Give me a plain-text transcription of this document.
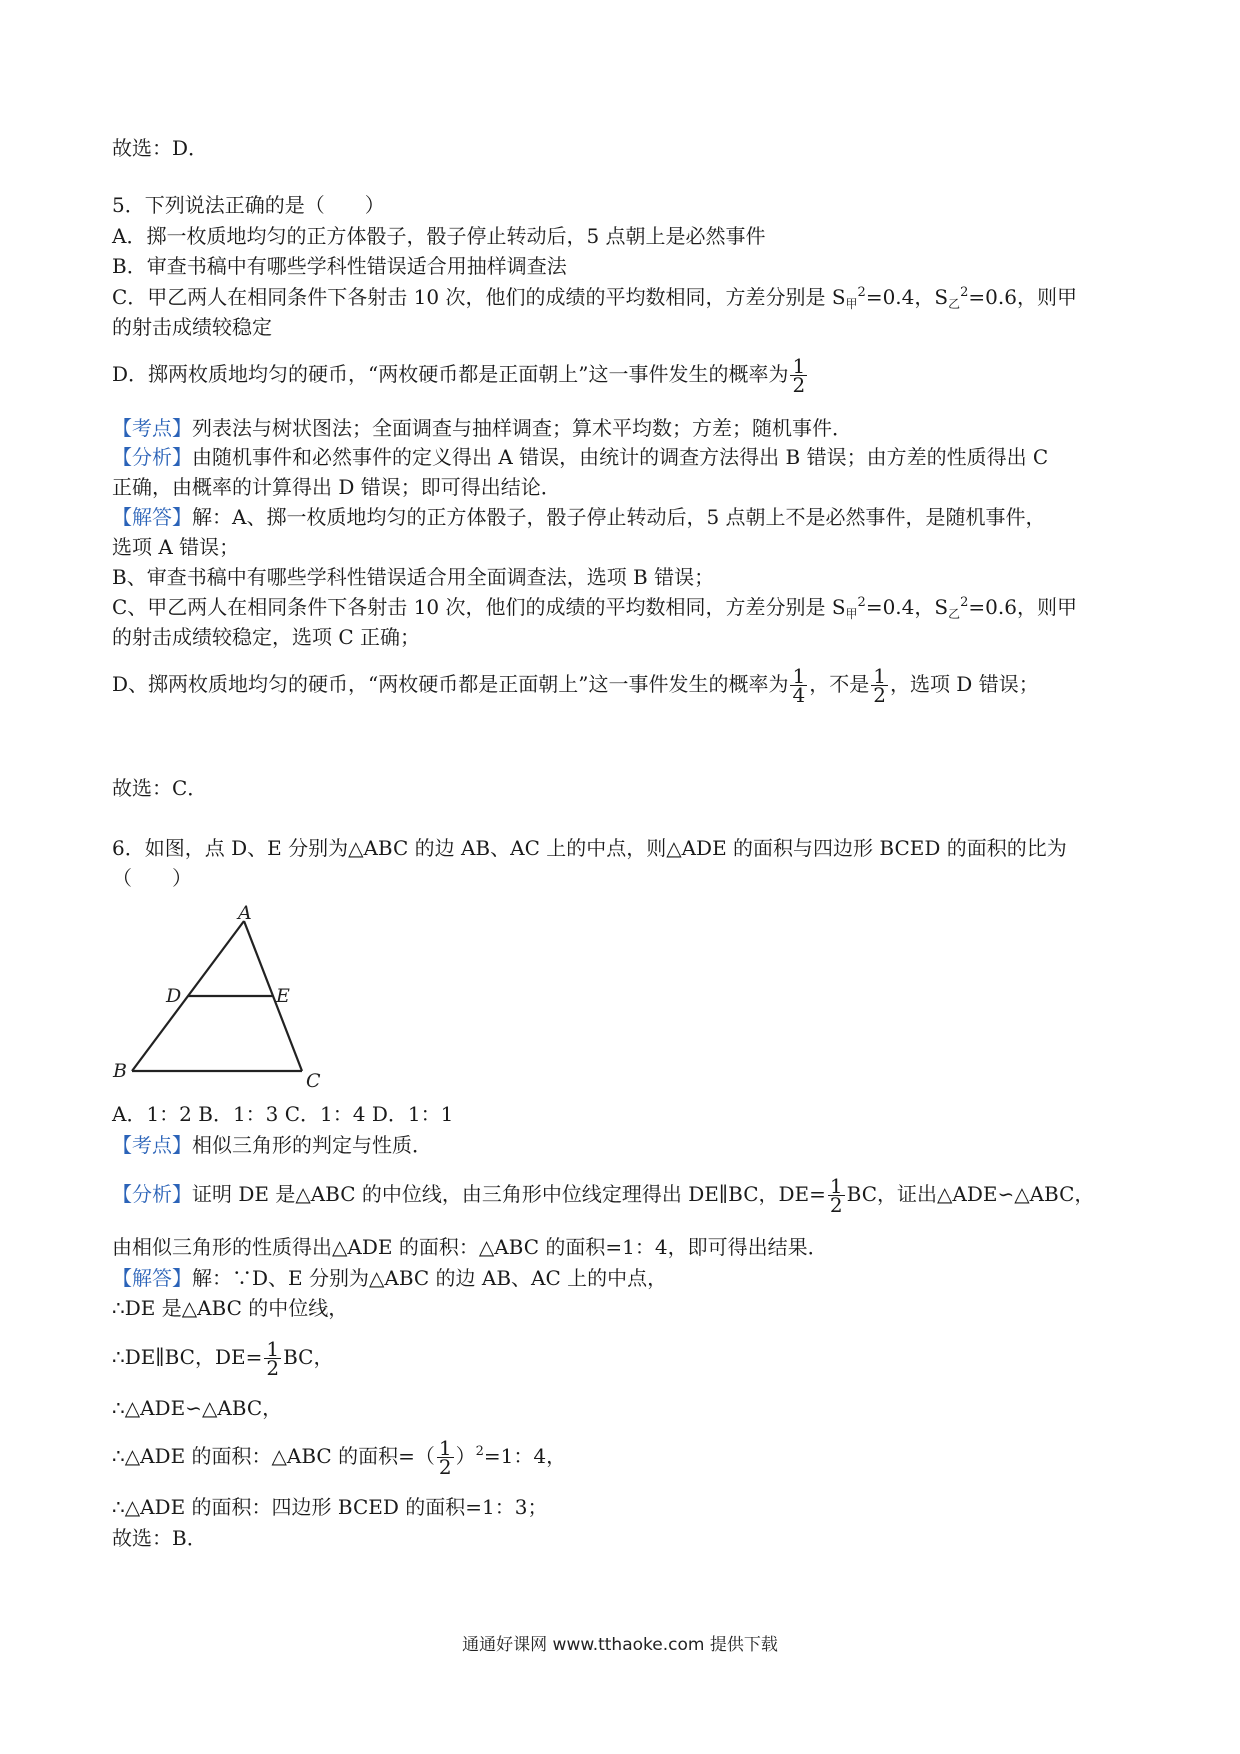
故选：D．
5．下列说法正确的是（　　）
A．掷一枚质地均匀的正方体骰子，骰子停止转动后，5 点朝上是必然事件
B．审查书稿中有哪些学科性错误适合用抽样调查法
C．甲乙两人在相同条件下各射击 10 次，他们的成绩的平均数相同，方差分别是 $S_甲^2=0.4$，$S_乙^2=0.6$，则甲
的射击成绩较稳定
D．掷两枚质地均匀的硬币，“两枚硬币都是正面朝上”这一事件发生的概率为 $\frac{1}{2}$
【考点】列表法与树状图法；全面调查与抽样调查；算术平均数；方差；随机事件．
【分析】由随机事件和必然事件的定义得出 A 错误，由统计的调查方法得出 B 错误；由方差的性质得出 C
正确，由概率的计算得出 D 错误；即可得出结论．
【解答】解：A、掷一枚质地均匀的正方体骰子，骰子停止转动后，5 点朝上不是必然事件，是随机事件，
选项 A 错误；
B、审查书稿中有哪些学科性错误适合用全面调查法，选项 B 错误；
C、甲乙两人在相同条件下各射击 10 次，他们的成绩的平均数相同，方差分别是 $S_甲^2=0.4$，$S_乙^2=0.6$，则甲
的射击成绩较稳定，选项 C 正确；
D、掷两枚质地均匀的硬币，“两枚硬币都是正面朝上”这一事件发生的概率为 $\frac{1}{4}$ ，不是 $\frac{1}{2}$ ，选项 D 错误；
故选：C．
6．如图，点 D、E 分别为△ABC 的边 AB、AC 上的中点，则△ADE 的面积与四边形 BCED 的面积的比为
（　　）
A
D	E
B	C
A．1：2 B．1：3 C．1：4 D．1：1
【考点】相似三角形的判定与性质．
【分析】证明 DE 是△ABC 的中位线，由三角形中位线定理得出 DE∥BC，$DE= \frac{1}{2}$ BC，证出△ADE∽△ABC，
由相似三角形的性质得出△ADE 的面积：△ABC 的面积=1：4，即可得出结果．
【解答】解：∵D、E 分别为△ABC 的边 AB、AC 上的中点，
∴DE 是△ABC 的中位线，
∴DE∥BC，$DE= \frac{1}{2}$ BC，
∴△ADE∽△ABC，
∴△ADE 的面积：△ABC 的面积=（ $\frac{1}{2} )^2=1$：4，
∴△ADE 的面积：四边形 BCED 的面积=1：3；
故选：B．
通通好课网 www.tthaoke.com 提供下载
